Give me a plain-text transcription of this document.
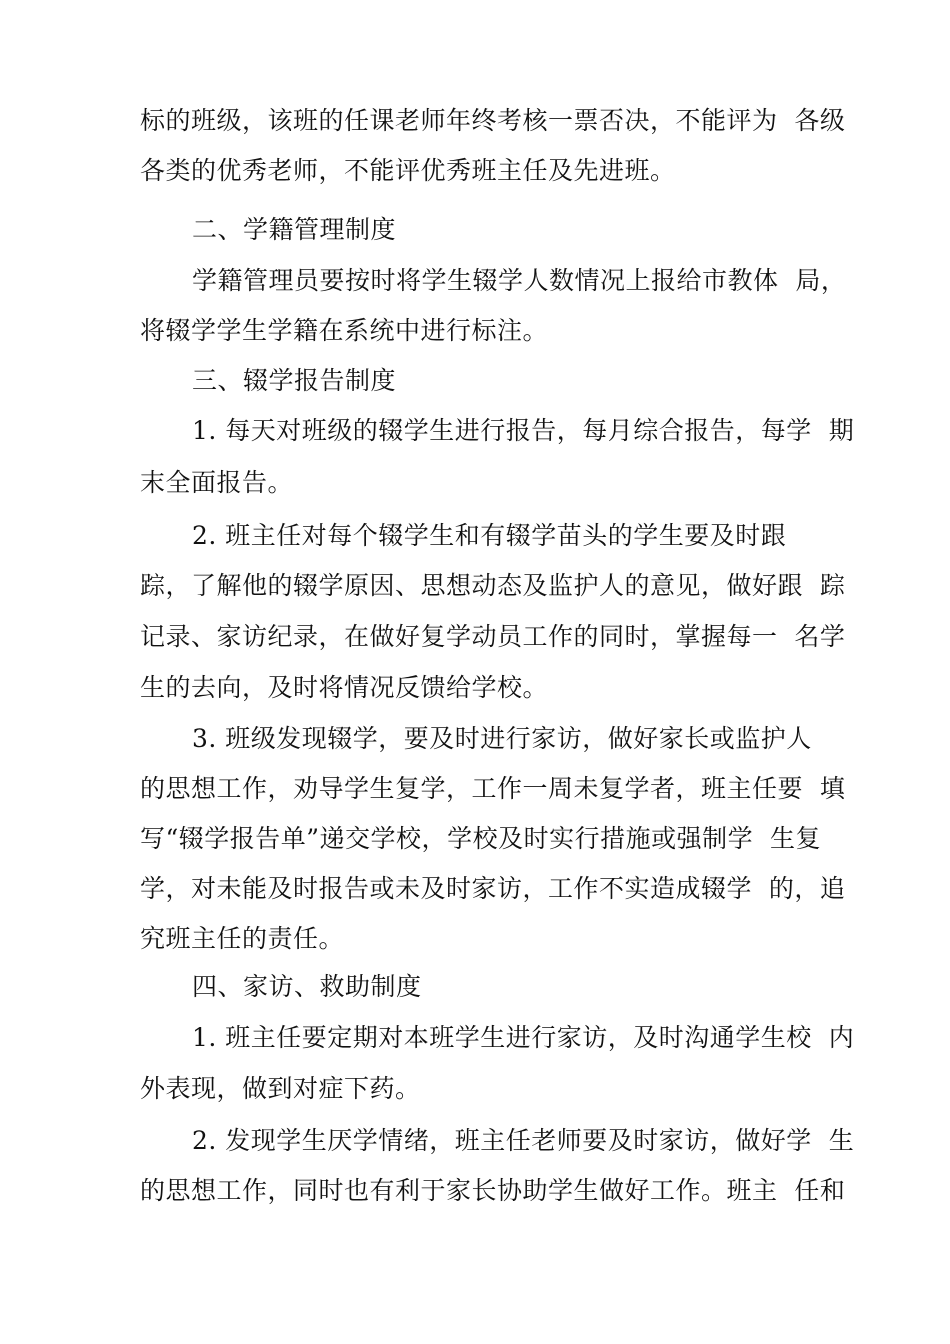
标的班级，该班的任课老师年终考核一票否决，不能评为  各级
各类的优秀老师，不能评优秀班主任及先进班。
二、学籍管理制度
学籍管理员要按时将学生辍学人数情况上报给市教体  局，
将辍学学生学籍在系统中进行标注。
三、辍学报告制度
1. 每天对班级的辍学生进行报告，每月综合报告，每学  期
末全面报告。
2. 班主任对每个辍学生和有辍学苗头的学生要及时跟
踪，了解他的辍学原因、思想动态及监护人的意见，做好跟  踪
记录、家访纪录，在做好复学动员工作的同时，掌握每一  名学
生的去向，及时将情况反馈给学校。
3. 班级发现辍学，要及时进行家访，做好家长或监护人
的思想工作，劝导学生复学，工作一周未复学者，班主任要  填
写“辍学报告单”递交学校，学校及时实行措施或强制学  生复
学，对未能及时报告或未及时家访，工作不实造成辍学  的，追
究班主任的责任。
四、家访、救助制度
1. 班主任要定期对本班学生进行家访，及时沟通学生校  内
外表现，做到对症下药。
2. 发现学生厌学情绪，班主任老师要及时家访，做好学  生
的思想工作，同时也有利于家长协助学生做好工作。班主  任和
